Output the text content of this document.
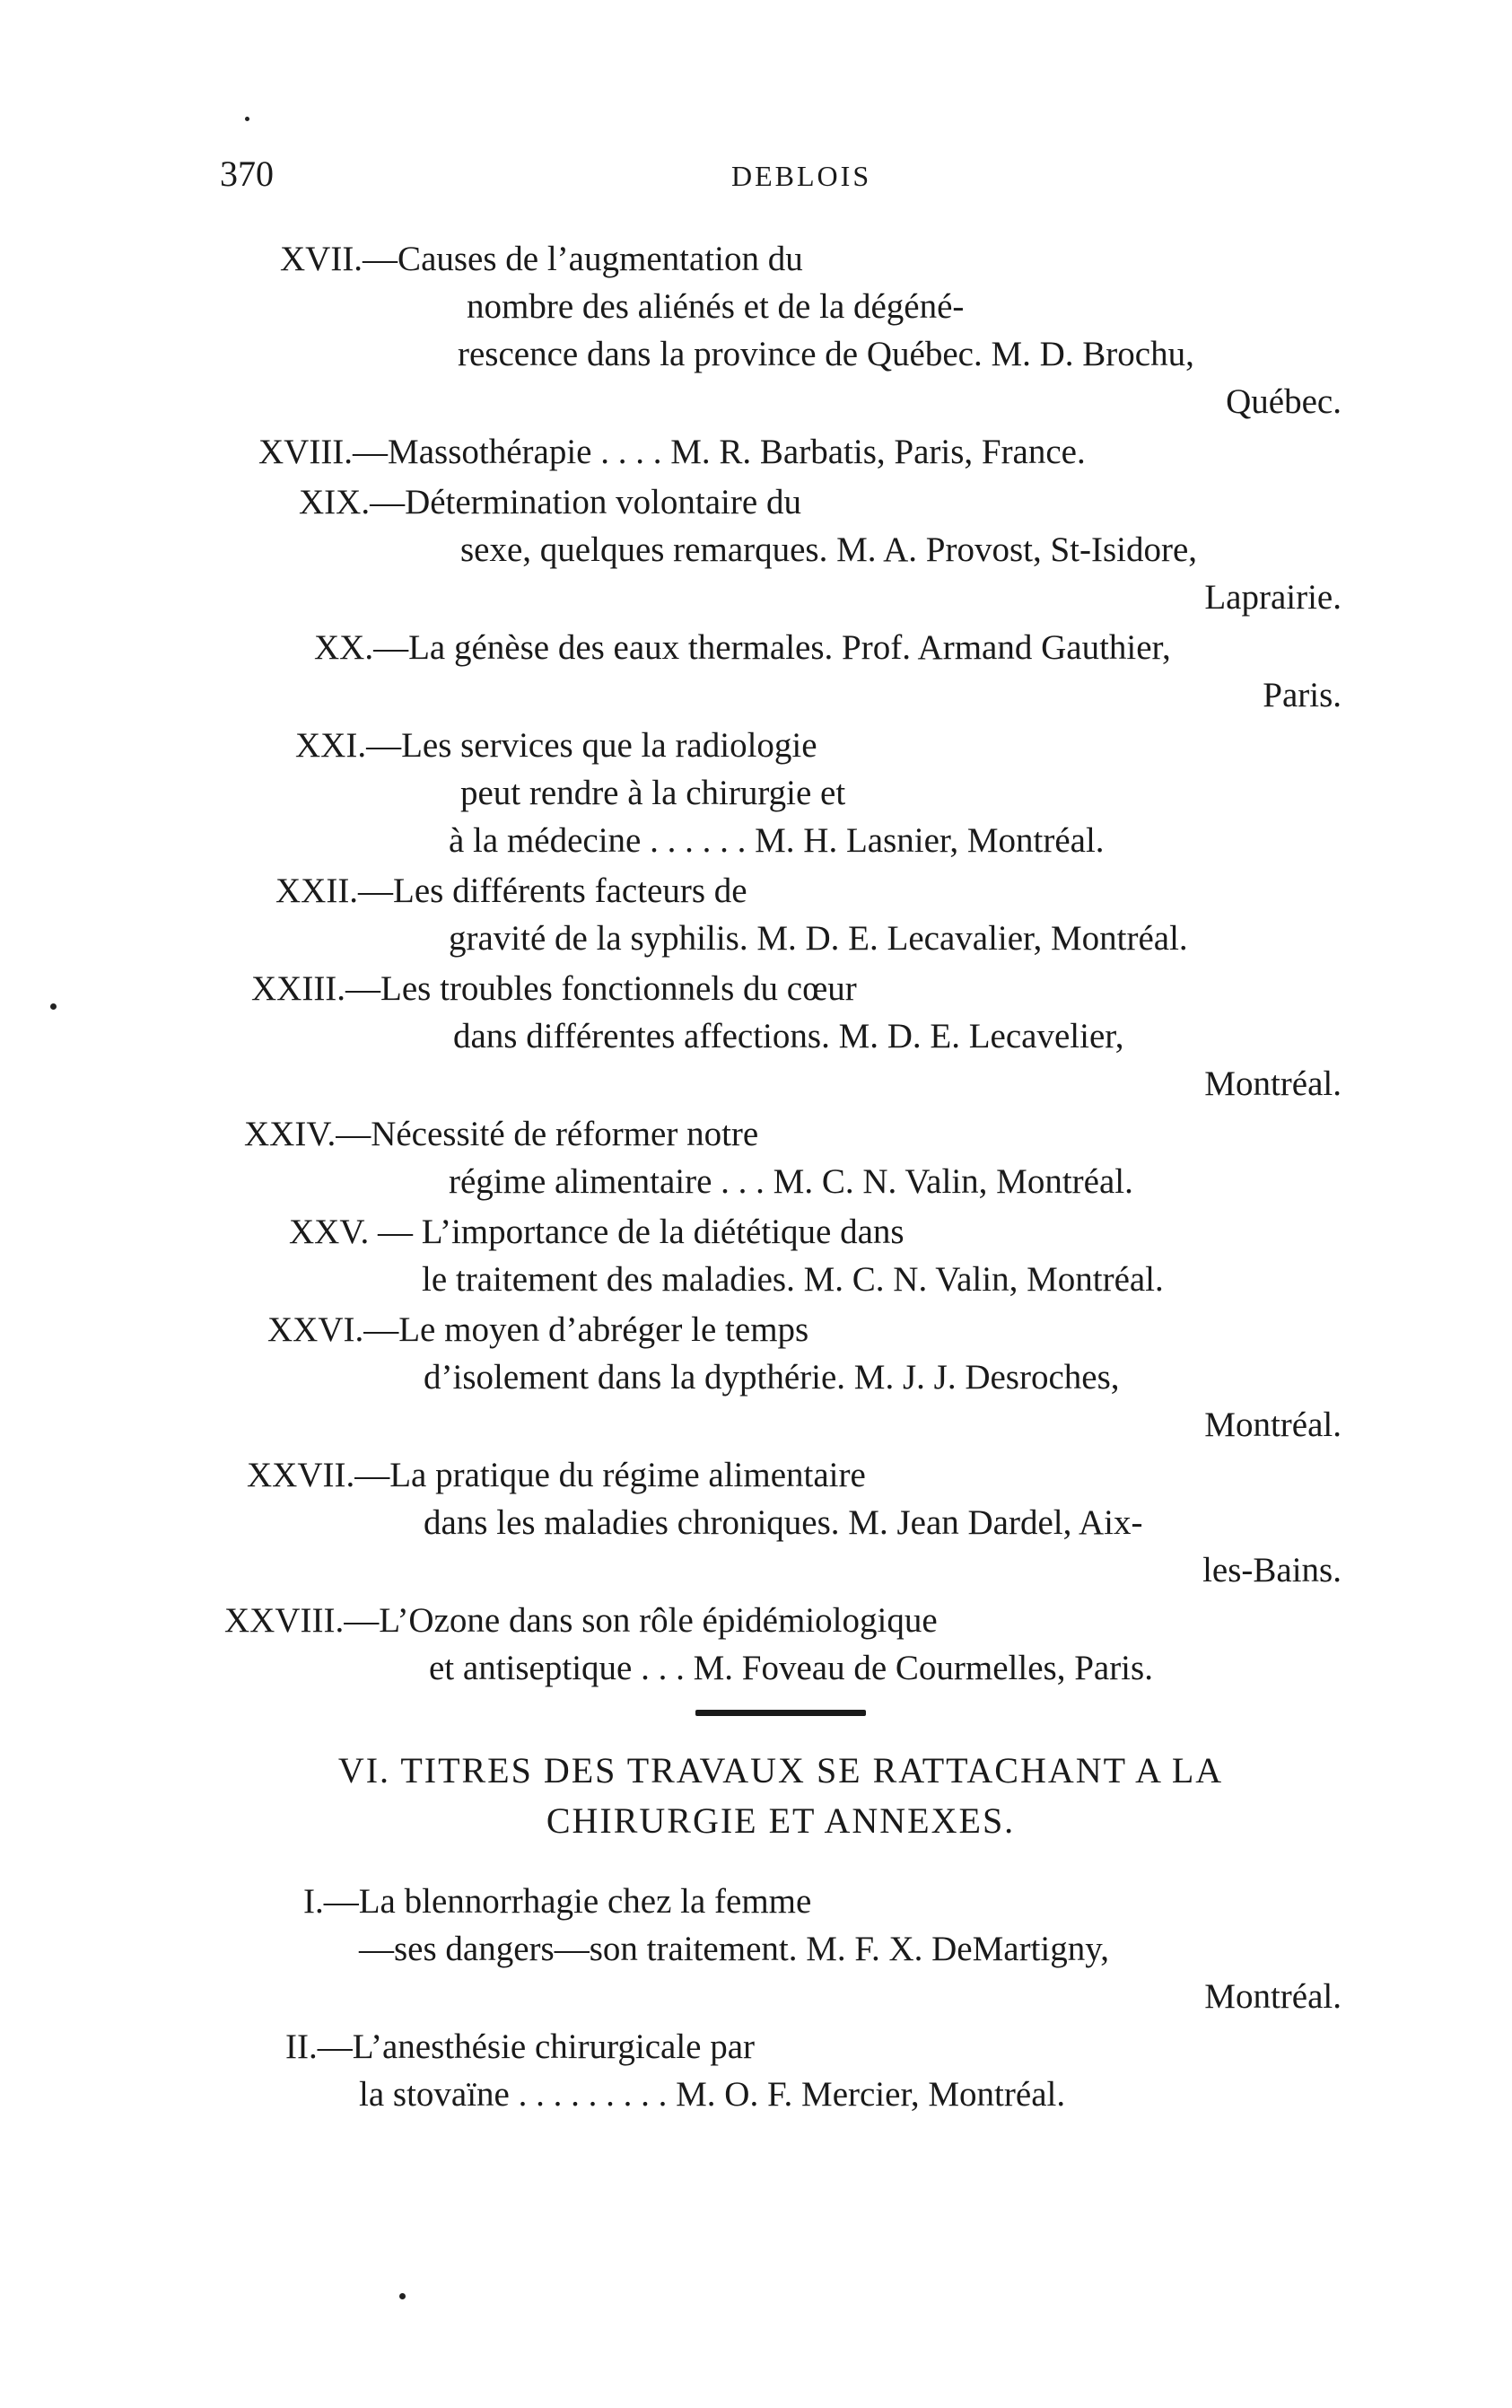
370	DEBLOIS
XVII.—Causes de l’augmentation du
nombre des aliénés et de la dégéné-
rescence dans la province de Québec. M. D. Brochu,
Québec.
XVIII.—Massothérapie . . . . M. R. Barbatis, Paris, France.
XIX.—Détermination volontaire du
sexe, quelques remarques. M. A. Provost, St-Isidore,
Laprairie.
XX.—La génèse des eaux thermales. Prof. Armand Gauthier,
Paris.
XXI.—Les services que la radiologie
peut rendre à la chirurgie et
à la médecine . . . . . . M. H. Lasnier, Montréal.
XXII.—Les différents facteurs de
gravité de la syphilis. M. D. E. Lecavalier, Montréal.
XXIII.—Les troubles fonctionnels du cœur
dans différentes affections. M. D. E. Lecavelier,
Montréal.
XXIV.—Nécessité de réformer notre
régime alimentaire . . . M. C. N. Valin, Montréal.
XXV. — L’importance de la diététique dans
le traitement des maladies. M. C. N. Valin, Montréal.
XXVI.—Le moyen d’abréger le temps
d’isolement dans la dypthérie. M. J. J. Desroches,
Montréal.
XXVII.—La pratique du régime alimentaire
dans les maladies chroniques. M. Jean Dardel, Aix-
les-Bains.
XXVIII.—L’Ozone dans son rôle épidémiologique
et antiseptique . . . M. Foveau de Courmelles, Paris.
VI. TITRES DES TRAVAUX SE RATTACHANT A LA
CHIRURGIE ET ANNEXES.
I.—La blennorrhagie chez la femme
—ses dangers—son traitement. M. F. X. DeMartigny,
Montréal.
II.—L’anesthésie chirurgicale par
la stovaïne . . . . . . . . . M. O. F. Mercier, Montréal.
